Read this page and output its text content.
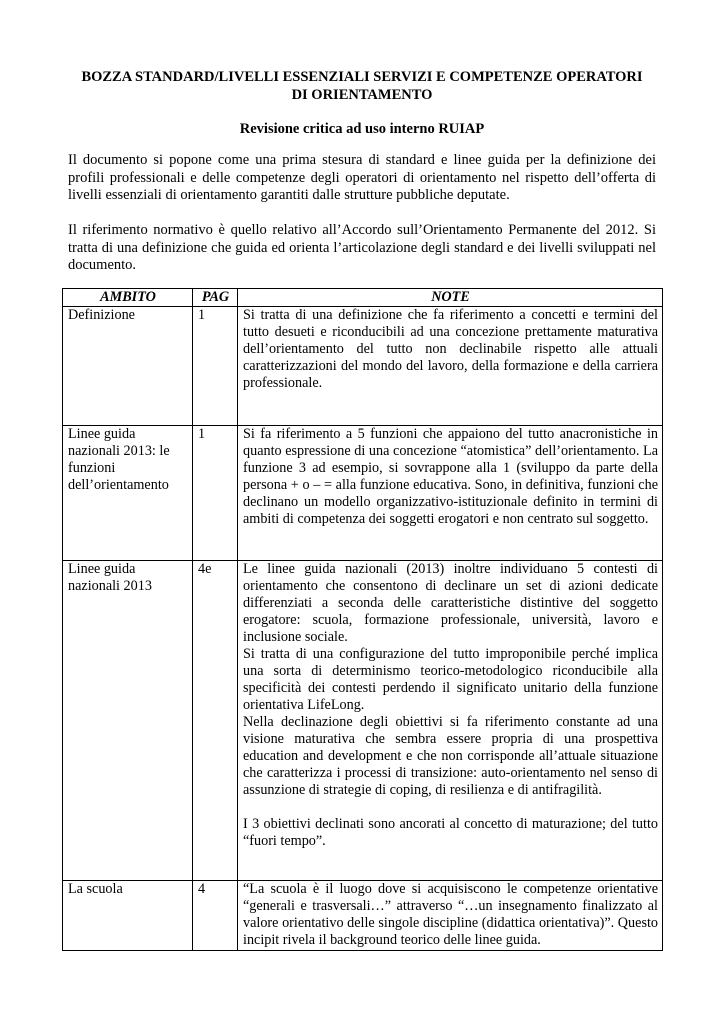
BOZZA STANDARD/LIVELLI ESSENZIALI SERVIZI E COMPETENZE OPERATORI
DI ORIENTAMENTO
Revisione critica ad uso interno RUIAP
Il documento si popone come una prima stesura di standard e linee guida per la definizione dei profili professionali e delle competenze degli operatori di orientamento nel rispetto dell’offerta di livelli essenziali di orientamento garantiti dalle strutture pubbliche deputate.
Il riferimento normativo è quello relativo all’Accordo sull’Orientamento Permanente del 2012. Si tratta di una definizione che guida ed orienta l’articolazione degli standard e dei livelli sviluppati nel documento.
AMBITO	PAG	NOTE
Definizione	1	Si tratta di una definizione che fa riferimento a concetti e termini del tutto desueti e riconducibili ad una concezione prettamente maturativa dell’orientamento del tutto non declinabile rispetto alle attuali caratterizzazioni del mondo del lavoro, della formazione e della carriera professionale.

Linee guida nazionali 2013: le funzioni dell’orientamento	1	Si fa riferimento a 5 funzioni che appaiono del tutto anacronistiche in quanto espressione di una concezione “atomistica” dell’orientamento. La funzione 3 ad esempio, si sovrappone alla 1 (sviluppo da parte della persona + o – = alla funzione educativa. Sono, in definitiva, funzioni che declinano un modello organizzativo-istituzionale definito in termini di ambiti di competenza dei soggetti erogatori e non centrato sul soggetto.

Linee guida nazionali 2013	4e	Le linee guida nazionali (2013) inoltre individuano 5 contesti di orientamento che consentono di declinare un set di azioni dedicate differenziati a seconda delle caratteristiche distintive del soggetto erogatore: scuola, formazione professionale, università, lavoro e inclusione sociale.
Si tratta di una configurazione del tutto improponibile perché implica una sorta di determinismo teorico-metodologico riconducibile alla specificità dei contesti perdendo il significato unitario della funzione orientativa LifeLong.
Nella declinazione degli obiettivi si fa riferimento constante ad una visione maturativa che sembra essere propria di una prospettiva education and development e che non corrisponde all’attuale situazione che caratterizza i processi di transizione: auto-orientamento nel senso di assunzione di strategie di coping, di resilienza e di antifragilità.
I 3 obiettivi declinati sono ancorati al concetto di maturazione; del tutto “fuori tempo”.

La scuola	4	“La scuola è il luogo dove si acquisiscono le competenze orientative “generali e trasversali…” attraverso “…un insegnamento finalizzato al valore orientativo delle singole discipline (didattica orientativa)”. Questo incipit rivela il background teorico delle linee guida.
